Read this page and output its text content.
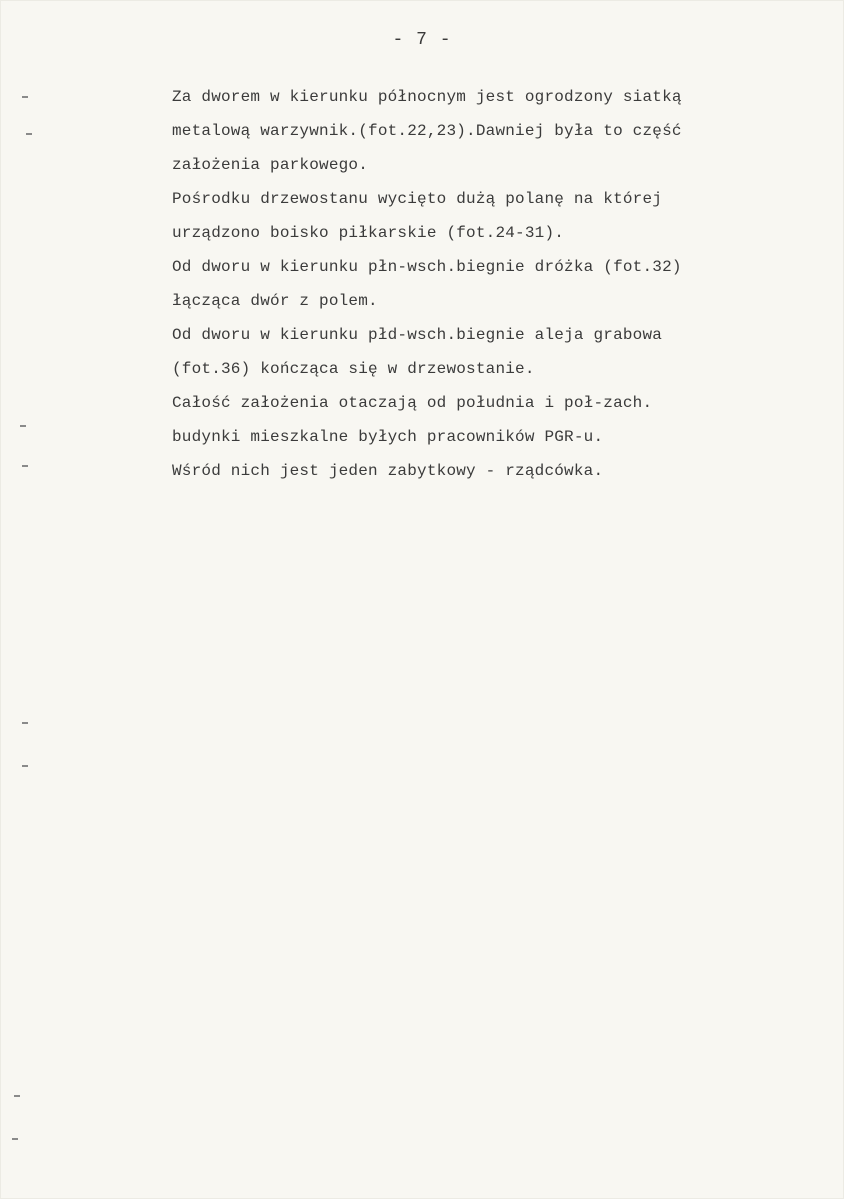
- 7 -
Za dworem w kierunku północnym jest ogrodzony siatką
metalową warzywnik.(fot.22,23).Dawniej była to część
założenia parkowego.
Pośrodku drzewostanu wycięto dużą polanę na której
urządzono boisko piłkarskie (fot.24-31).
Od dworu w kierunku płn-wsch.biegnie dróżka (fot.32)
łącząca dwór z polem.
Od dworu w kierunku płd-wsch.biegnie aleja grabowa
(fot.36) kończąca się w drzewostanie.
Całość założenia otaczają od południa i poł-zach.
budynki mieszkalne byłych pracowników PGR-u.
Wśród nich jest jeden zabytkowy - rządcówka.
